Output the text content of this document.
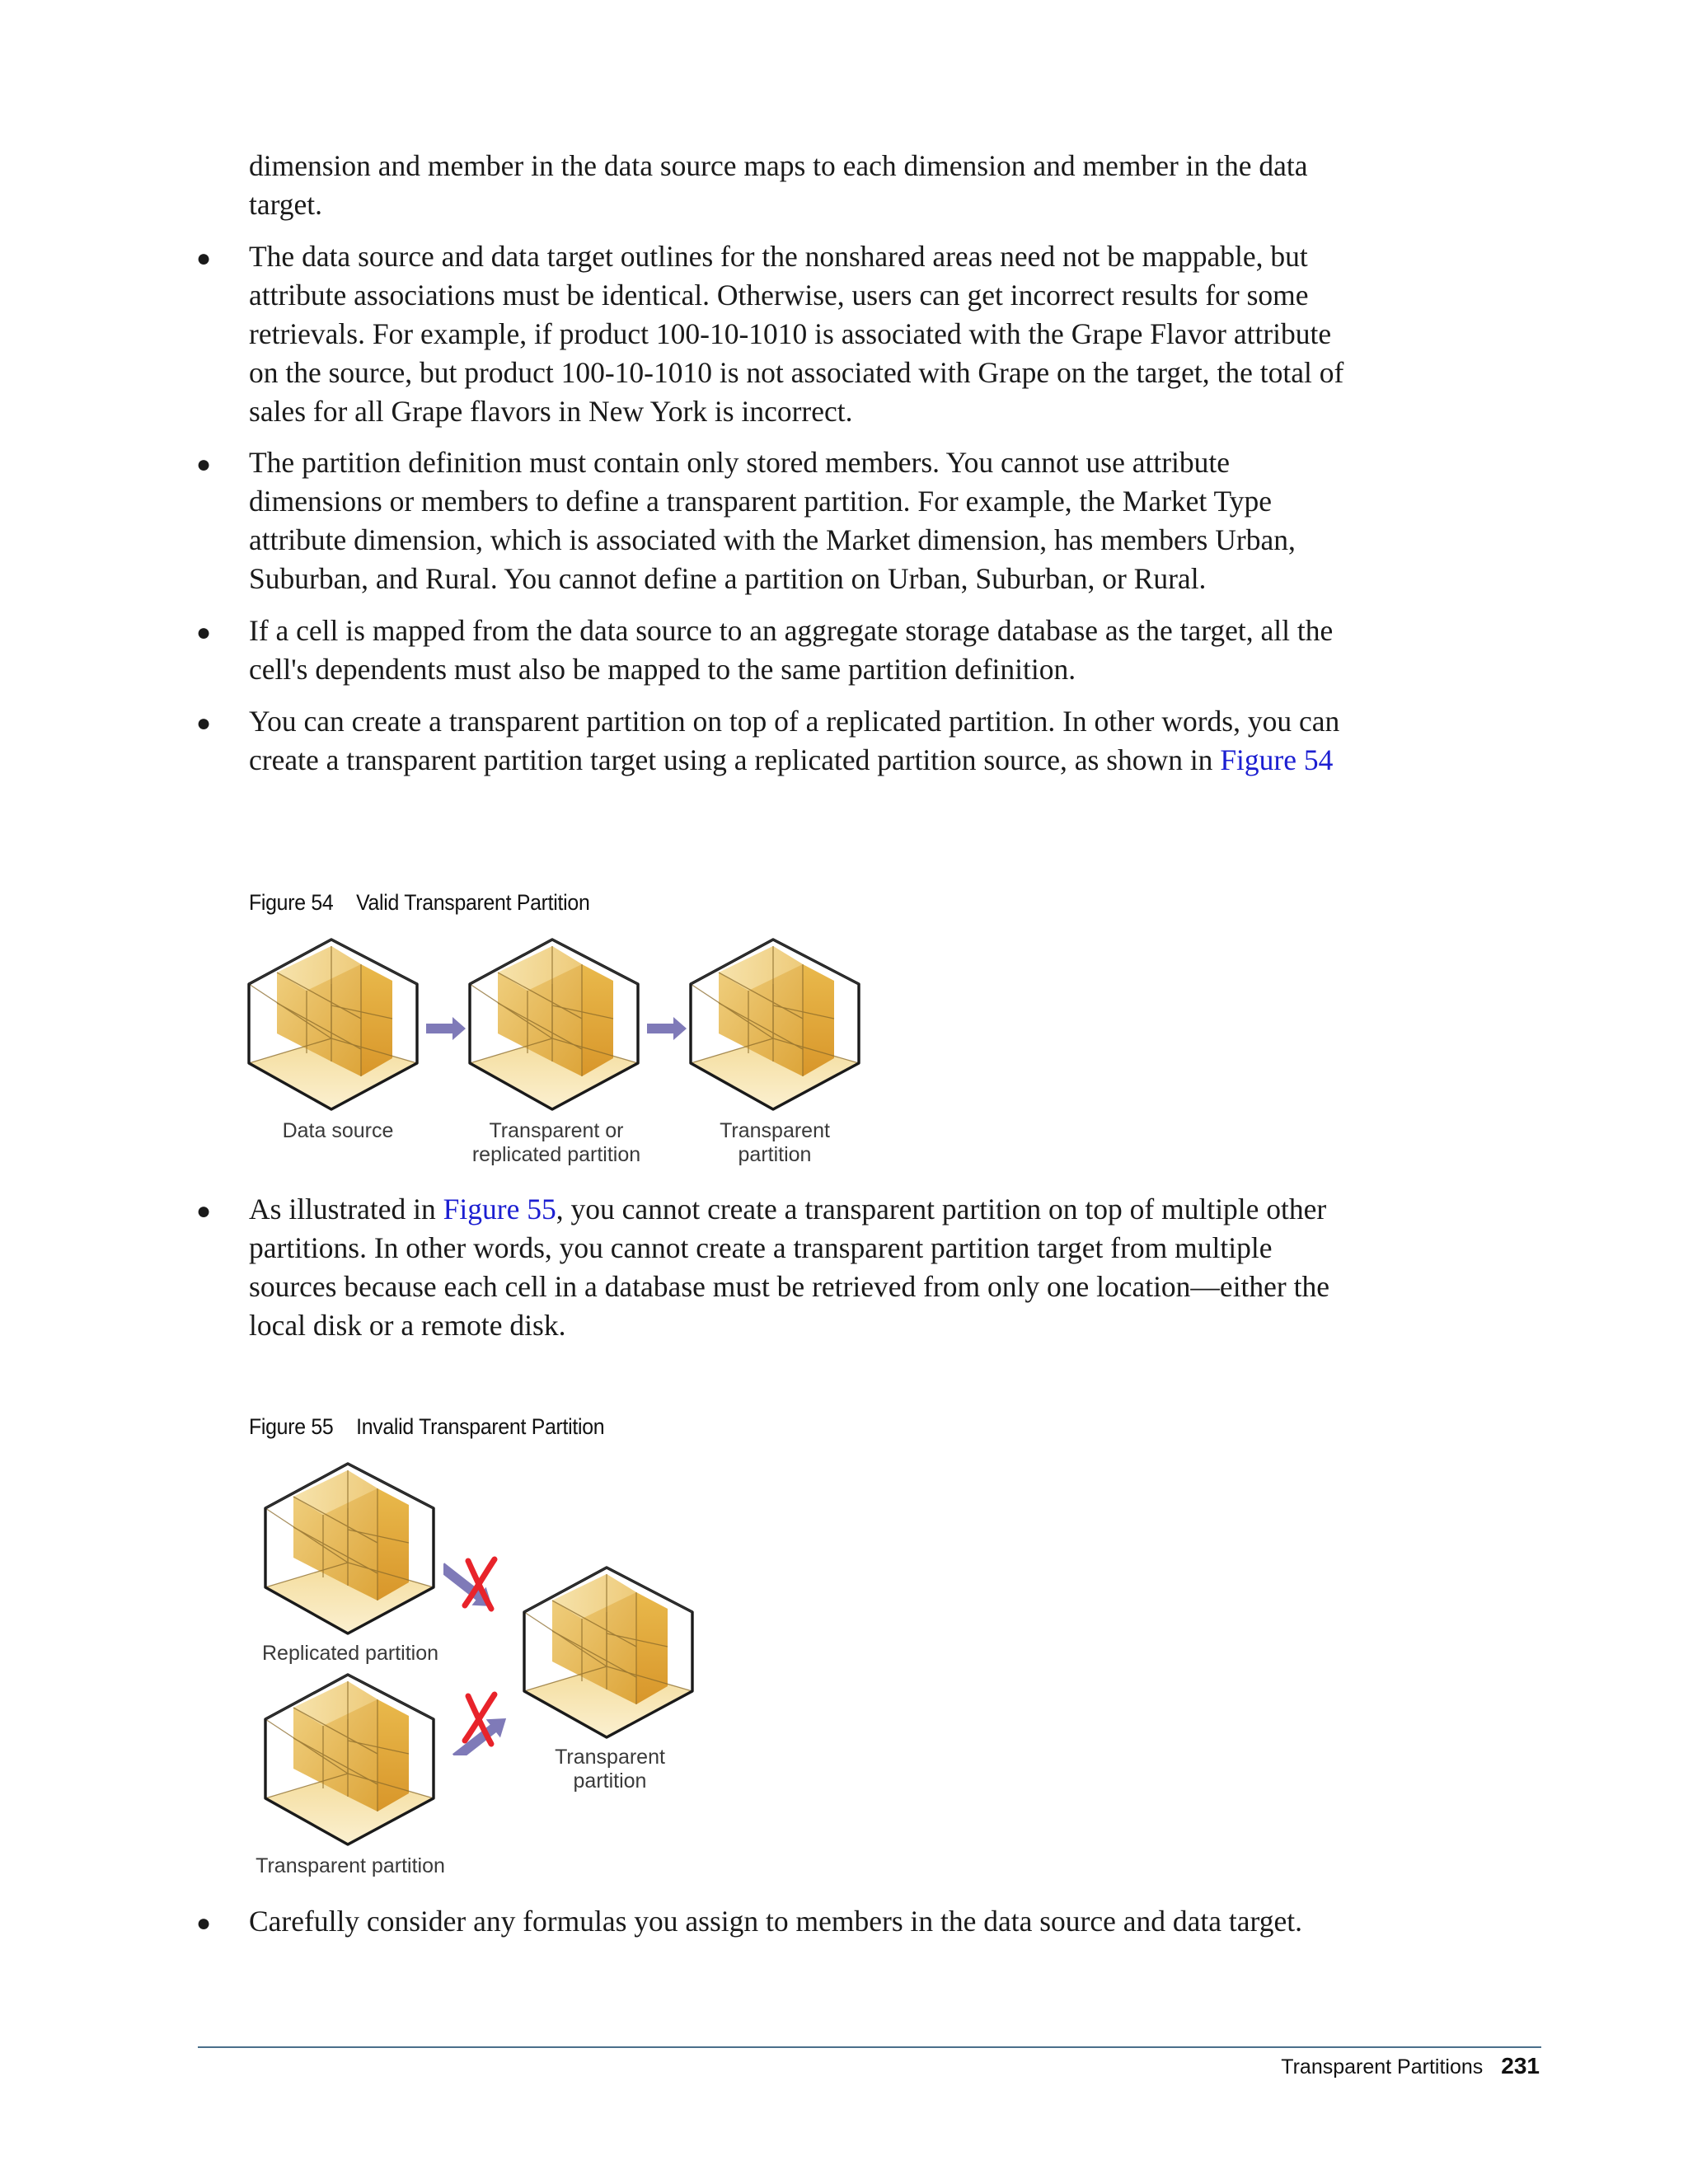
dimension and member in the data source maps to each dimension and member in the data target.

● The data source and data target outlines for the nonshared areas need not be mappable, but attribute associations must be identical. Otherwise, users can get incorrect results for some retrievals. For example, if product 100-10-1010 is associated with the Grape Flavor attribute on the source, but product 100-10-1010 is not associated with Grape on the target, the total of sales for all Grape flavors in New York is incorrect.

● The partition definition must contain only stored members. You cannot use attribute dimensions or members to define a transparent partition. For example, the Market Type attribute dimension, which is associated with the Market dimension, has members Urban, Suburban, and Rural. You cannot define a partition on Urban, Suburban, or Rural.

● If a cell is mapped from the data source to an aggregate storage database as the target, all the cell's dependents must also be mapped to the same partition definition.

● You can create a transparent partition on top of a replicated partition. In other words, you can create a transparent partition target using a replicated partition source, as shown in Figure 54

Figure 54 Valid Transparent Partition
Data source	Transparent or
replicated partition
Transparent
partition
● As illustrated in Figure 55, you cannot create a transparent partition on top of multiple other partitions. In other words, you cannot create a transparent partition target from multiple sources because each cell in a database must be retrieved from only one location—either the local disk or a remote disk.

Figure 55 Invalid Transparent Partition
Replicated partition
Transparent partition
Transparent
partition
● Carefully consider any formulas you assign to members in the data source and data target.

Transparent Partitions 231
